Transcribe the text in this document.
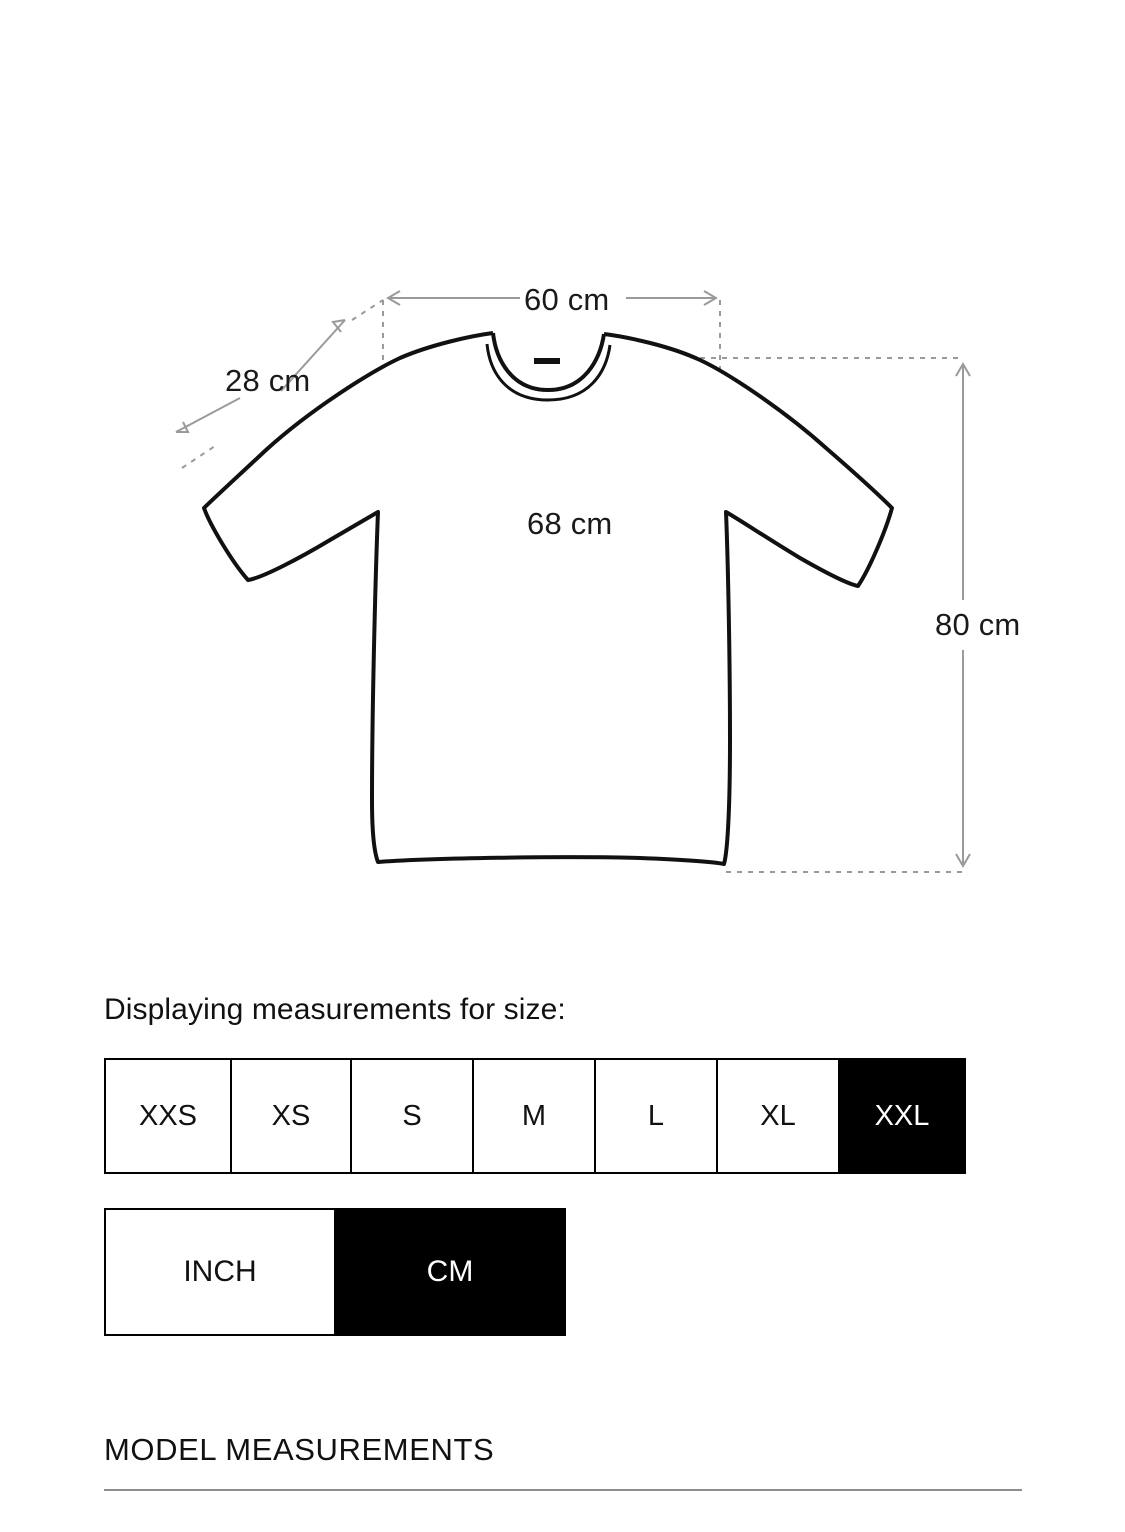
60 cm
28 cm
68 cm
80 cm
Displaying measurements for size:
XXS	XS	S	M	L	XL	XXL
INCH	CM
MODEL MEASUREMENTS
